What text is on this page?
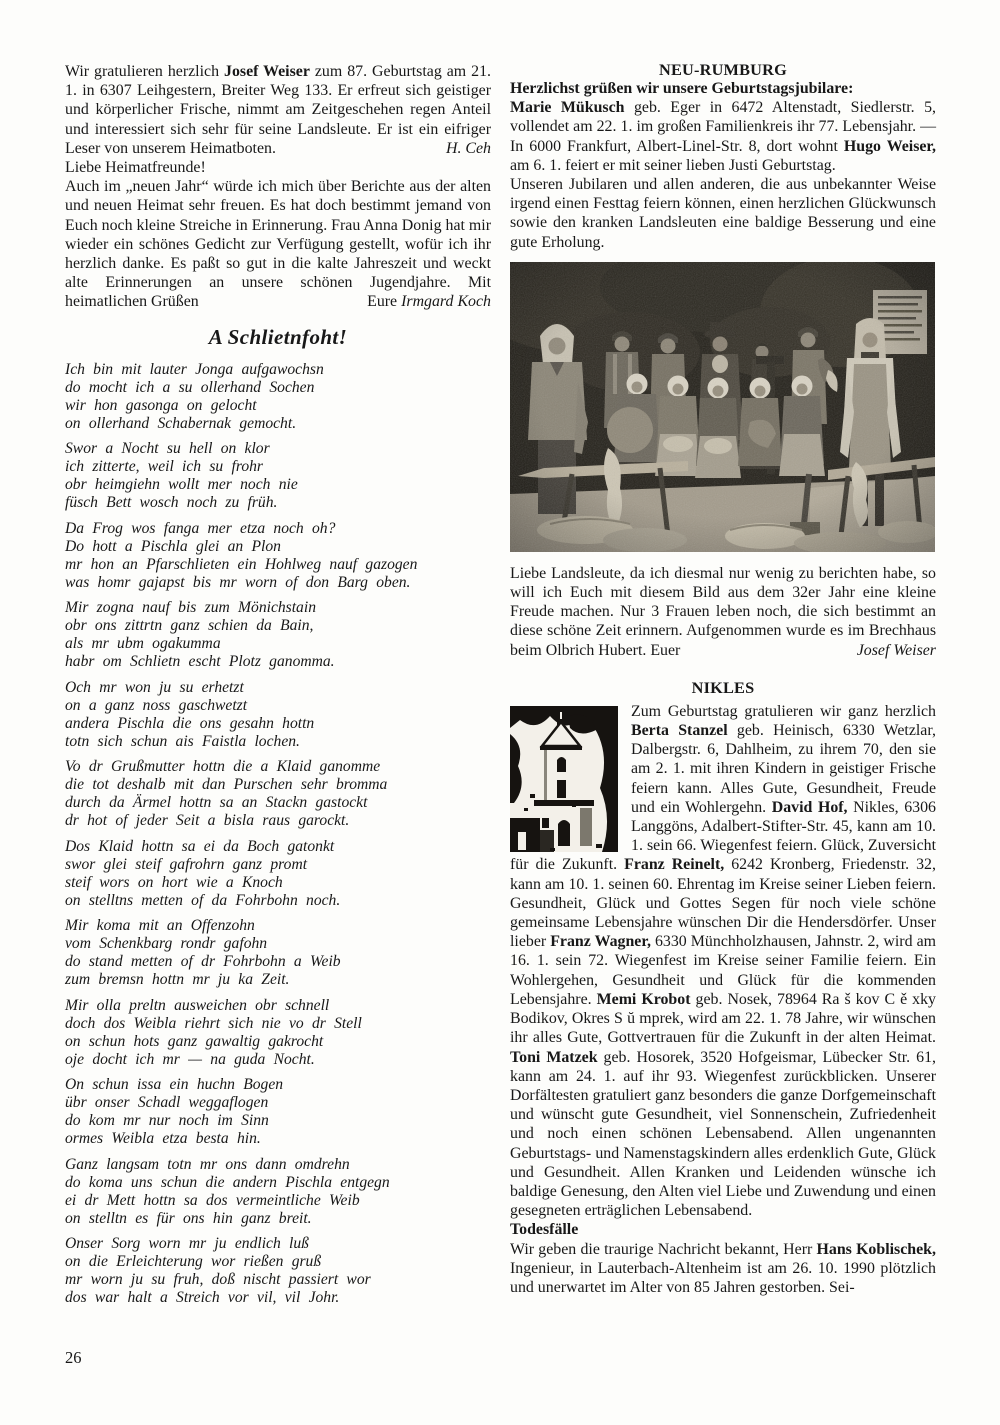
Wir gratulieren herzlich Josef Weiser zum 87. Geburtstag am 21. 1. in 6307 Leihgestern, Breiter Weg 133. Er erfreut sich geistiger und körperlicher Frische, nimmt am Zeitgeschehen regen Anteil und interessiert sich sehr für seine Landsleute. Er ist ein eifriger Leser von unserem Heimatboten.	H. Ceh

Liebe Heimatfreunde!

Auch im „neuen Jahr“ würde ich mich über Berichte aus der alten und neuen Heimat sehr freuen. Es hat doch bestimmt jemand von Euch noch kleine Streiche in Erinnerung. Frau Anna Donig hat mir wieder ein schönes Gedicht zur Verfügung gestellt, wofür ich ihr herzlich danke. Es paßt so gut in die kalte Jahreszeit und weckt alte Erinnerungen an unsere schönen Jugendjahre. Mit heimatlichen Grüßen	Eure Irmgard Koch

A Schlietnfoht!

Ich bin mit lauter Jonga aufgawochsn
do mocht ich a su ollerhand Sochen
wir hon gasonga on gelocht
on ollerhand Schabernak gemocht.

Swor a Nocht su hell on klor
ich zitterte, weil ich su frohr
obr heimgiehn wollt mer noch nie
füsch Bett wosch noch zu früh.

Da Frog wos fanga mer etza noch oh?
Do hott a Pischla glei an Plon
mr hon an Pfarschlieten ein Hohlweg nauf gazogen
was homr gajapst bis mr worn of don Barg oben.

Mir zogna nauf bis zum Mönichstain
obr ons zittrtn ganz schien da Bain,
als mr ubm ogakumma
habr om Schlietn escht Plotz ganomma.

Och mr won ju su erhetzt
on a ganz noss gaschwetzt
andera Pischla die ons gesahn hottn
totn sich schun ais Faistla lochen.

Vo dr Grußmutter hottn die a Klaid ganomme
die tot deshalb mit dan Purschen sehr bromma
durch da Ärmel hottn sa an Stackn gastockt
dr hot of jeder Seit a bisla raus garockt.

Dos Klaid hottn sa ei da Boch gatonkt
swor glei steif gafrohrn ganz promt
steif wors on hort wie a Knoch
on stelltns metten of da Fohrbohn noch.

Mir koma mit an Offenzohn
vom Schenkbarg rondr gafohn
do stand metten of dr Fohrbohn a Weib
zum bremsn hottn mr ju ka Zeit.

Mir olla preltn ausweichen obr schnell
doch dos Weibla riehrt sich nie vo dr Stell
on schun hots ganz gawaltig gakrocht
oje docht ich mr — na guda Nocht.

On schun issa ein huchn Bogen
übr onser Schadl weggaflogen
do kom mr nur noch im Sinn
ormes Weibla etza besta hin.

Ganz langsam totn mr ons dann omdrehn
do koma uns schun die andern Pischla entgegn
ei dr Mett hottn sa dos vermeintliche Weib
on stelltn es für ons hin ganz breit.

Onser Sorg worn mr ju endlich luß
on die Erleichterung wor rießen gruß
mr worn ju su fruh, doß nischt passiert wor
dos war halt a Streich vor vil, vil Johr.

NEU-RUMBURG

Herzlichst grüßen wir unsere Geburtstagsjubilare:

Marie Mükusch geb. Eger in 6472 Altenstadt, Siedlerstr. 5, vollendet am 22. 1. im großen Familienkreis ihr 77. Lebensjahr. — In 6000 Frankfurt, Albert-Linel-Str. 8, dort wohnt Hugo Weiser, am 6. 1. feiert er mit seiner lieben Justi Geburtstag.

Unseren Jubilaren und allen anderen, die aus unbekannter Weise irgend einen Festtag feiern können, einen herzlichen Glückwunsch sowie den kranken Landsleuten eine baldige Besserung und eine gute Erholung.

Liebe Landsleute, da ich diesmal nur wenig zu berichten habe, so will ich Euch mit diesem Bild aus dem 32er Jahr eine kleine Freude machen. Nur 3 Frauen leben noch, die sich bestimmt an diese schöne Zeit erinnern. Aufgenommen wurde es im Brechhaus beim Olbrich Hubert. Euer	Josef Weiser

NIKLES

Zum Geburtstag gratulieren wir ganz herzlich Berta Stanzel geb. Heinisch, 6330 Wetzlar, Dalbergstr. 6, Dahlheim, zu ihrem 70, den sie am 2. 1. mit ihren Kindern in geistiger Frische feiern kann. Alles Gute, Gesundheit, Freude und ein Wohlergehn. David Hof, Nikles, 6306 Langgöns, Adalbert-Stifter-Str. 45, kann am 10. 1. sein 66. Wiegenfest feiern. Glück, Zuversicht für die Zukunft. Franz Reinelt, 6242 Kronberg, Friedenstr. 32, kann am 10. 1. seinen 60. Ehrentag im Kreise seiner Lieben feiern. Gesundheit, Glück und Gottes Segen für noch viele schöne gemeinsame Lebensjahre wünschen Dir die Hendersdörfer. Unser lieber Franz Wagner, 6330 Münchholzhausen, Jahnstr. 2, wird am 16. 1. sein 72. Wiegenfest im Kreise seiner Familie feiern. Ein Wohlergehen, Gesundheit und Glück für die kommenden Lebensjahre. Memi Krobot geb. Nosek, 78964 Ra š kov C ě xky Bodikov, Okres S ŭ mprek, wird am 22. 1. 78 Jahre, wir wünschen ihr alles Gute, Gottvertrauen für die Zukunft in der alten Heimat. Toni Matzek geb. Hosorek, 3520 Hofgeismar, Lübecker Str. 61, kann am 24. 1. auf ihr 93. Wiegenfest zurückblicken. Unserer Dorfältesten gratuliert ganz besonders die ganze Dorfgemeinschaft und wünscht gute Gesundheit, viel Sonnenschein, Zufriedenheit und noch einen schönen Lebensabend. Allen ungenannten Geburtstags- und Namenstagskindern alles erdenklich Gute, Glück und Gesundheit. Allen Kranken und Leidenden wünsche ich baldige Genesung, den Alten viel Liebe und Zuwendung und einen gesegneten erträglichen Lebensabend.

Todesfälle

Wir geben die traurige Nachricht bekannt, Herr Hans Koblischek, Ingenieur, in Lauterbach-Altenheim ist am 26. 10. 1990 plötzlich und unerwartet im Alter von 85 Jahren gestorben. Sei-

26
